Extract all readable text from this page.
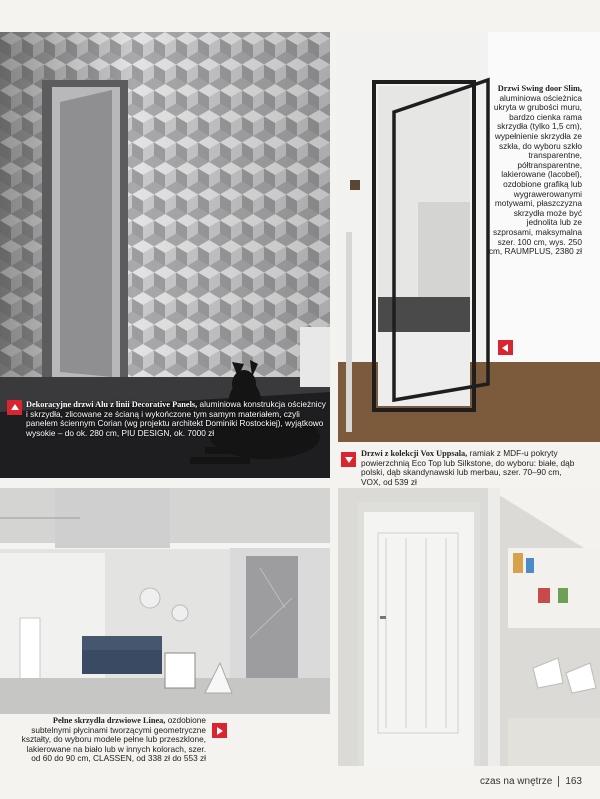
Dekoracyjne drzwi Alu z linii Decorative Panels, aluminiowa konstrukcja ościeżnicy i skrzydła, zlicowane ze ścianą i wykończone tym samym materiałem, czyli panelem ściennym Corian (wg projektu architekt Dominiki Rostockiej), wyjątkowo wysokie – do ok. 280 cm, PIU DESIGN, ok. 7000 zł
Drzwi Swing door Slim, aluminiowa ościeżnica ukryta w grubości muru, bardzo cienka rama skrzydła (tylko 1,5 cm), wypełnienie skrzydła ze szkła, do wyboru szkło transparentne, półtransparentne, lakierowane (lacobel), ozdobione grafiką lub wygrawerowanymi motywami, płaszczyzna skrzydła może być jednolita lub ze szprosami, maksymalna szer. 100 cm, wys. 250 cm, RAUMPLUS, 2380 zł
Drzwi z kolekcji Vox Uppsala, ramiak z MDF-u pokryty powierzchnią Eco Top lub Silkstone, do wyboru: białe, dąb polski, dąb skandynawski lub merbau, szer. 70–90 cm, VOX, od 539 zł
Pełne skrzydła drzwiowe Linea, ozdobione subtelnymi płycinami tworzącymi geometryczne kształty, do wyboru modele pełne lub przeszklone, lakierowane na biało lub w innych kolorach, szer. od 60 do 90 cm, CLASSEN, od 338 zł do 553 zł
czas na wnętrze 163
